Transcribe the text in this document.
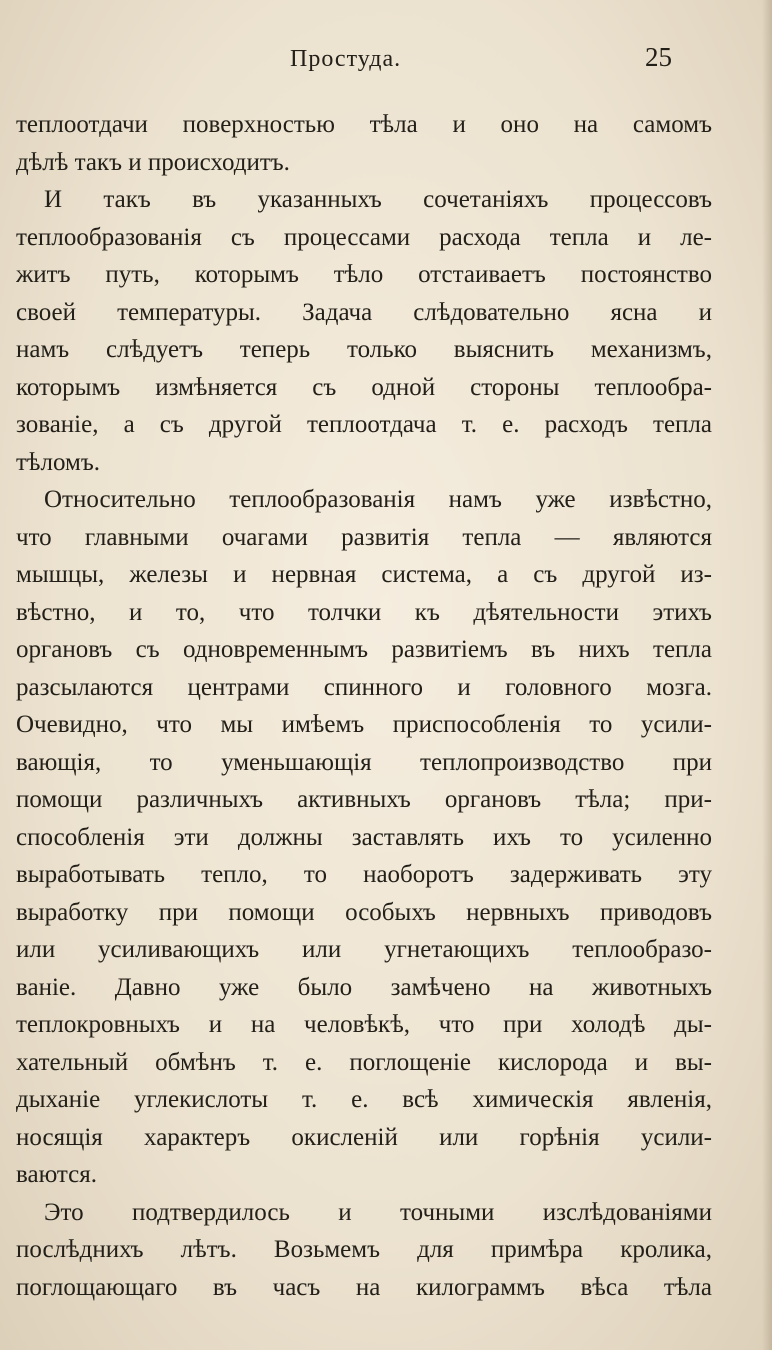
Простуда.	25
теплоотдачи поверхностью тѣла и оно на самомъ
дѣлѣ такъ и происходитъ.
И такъ въ указанныхъ сочетаніяхъ процессовъ
теплообразованія съ процессами расхода тепла и ле-
житъ путь, которымъ тѣло отстаиваетъ постоянство
своей температуры. Задача слѣдовательно ясна и
намъ слѣдуетъ теперь только выяснить механизмъ,
которымъ измѣняется съ одной стороны теплообра-
зованіе, а съ другой теплоотдача т. е. расходъ тепла
тѣломъ.
Относительно теплообразованія намъ уже извѣстно,
что главными очагами развитія тепла — являются
мышцы, железы и нервная система, а съ другой из-
вѣстно, и то, что толчки къ дѣятельности этихъ
органовъ съ одновременнымъ развитіемъ въ нихъ тепла
разсылаются центрами спинного и головного мозга.
Очевидно, что мы имѣемъ приспособленія то усили-
вающія, то уменьшающія теплопроизводство при
помощи различныхъ активныхъ органовъ тѣла; при-
способленія эти должны заставлять ихъ то усиленно
выработывать тепло, то наоборотъ задерживать эту
выработку при помощи особыхъ нервныхъ приводовъ
или усиливающихъ или угнетающихъ теплообразо-
ваніе. Давно уже было замѣчено на животныхъ
теплокровныхъ и на человѣкѣ, что при холодѣ ды-
хательный обмѣнъ т. е. поглощеніе кислорода и вы-
дыханіе углекислоты т. е. всѣ химическія явленія,
носящія характеръ окисленій или горѣнія усили-
ваются.
Это подтвердилось и точными изслѣдованіями
послѣднихъ лѣтъ. Возьмемъ для примѣра кролика,
поглощающаго въ часъ на килограммъ вѣса тѣла
